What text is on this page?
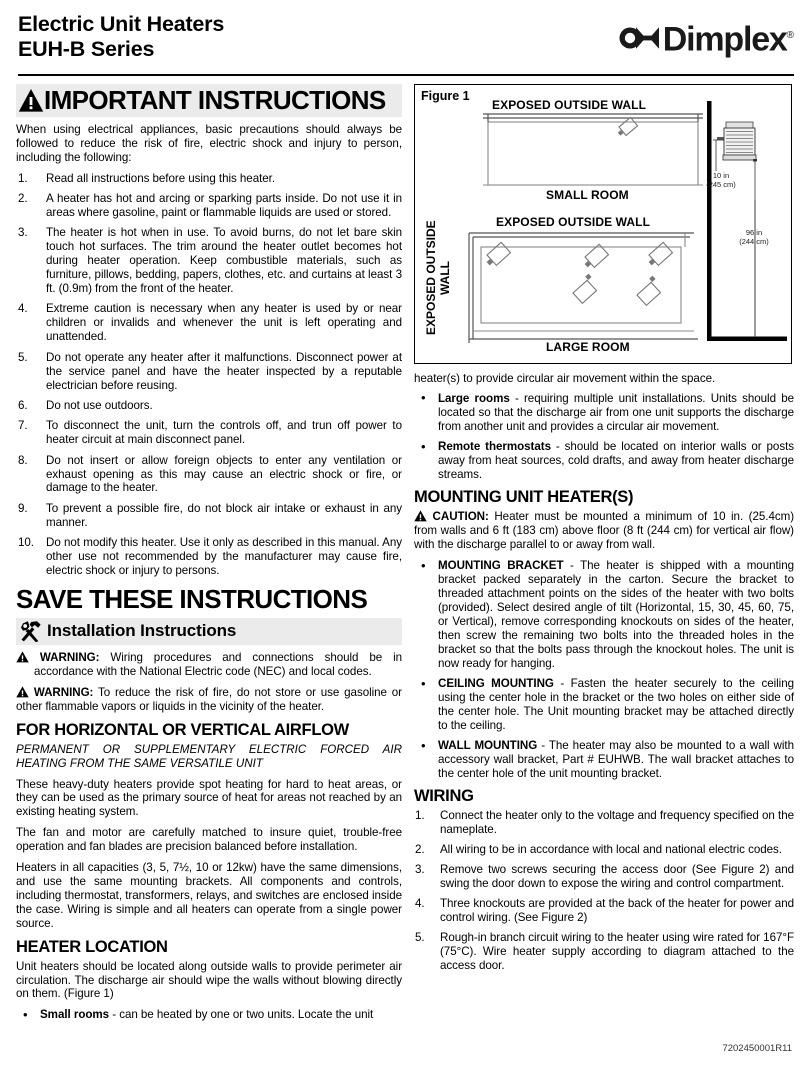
Electric Unit Heaters
EUH-B Series	Dimplex®
IMPORTANT INSTRUCTIONS

When using electrical appliances, basic precautions should always be followed to reduce the risk of fire, electric shock and injury to person, including the following:

1.	Read all instructions before using this heater.
2.	A heater has hot and arcing or sparking parts inside. Do not use it in areas where gasoline, paint or flammable liquids are used or stored.
3.	The heater is hot when in use. To avoid burns, do not let bare skin touch hot surfaces. The trim around the heater outlet becomes hot during heater operation. Keep combustible materials, such as furniture, pillows, bedding, papers, clothes, etc. and curtains at least 3 ft. (0.9m) from the front of the heater.
4.	Extreme caution is necessary when any heater is used by or near children or invalids and whenever the unit is left operating and unattended.
5.	Do not operate any heater after it malfunctions. Disconnect power at the service panel and have the heater inspected by a reputable electrician before reusing.
6.	Do not use outdoors.
7.	To disconnect the unit, turn the controls off, and trun off power to heater circuit at main disconnect panel.
8.	Do not insert or allow foreign objects to enter any ventilation or exhaust opening as this may cause an electric shock or fire, or damage to the heater.
9.	To prevent a possible fire, do not block air intake or exhaust in any manner.
10.	Do not modify this heater. Use it only as described in this manual. Any other use not recommended by the manufacturer may cause fire, electric shock or injury to persons.
SAVE THESE INSTRUCTIONS
Installation Instructions

WARNING: Wiring procedures and connections should be in accordance with the National Electric code (NEC) and local codes.

WARNING: To reduce the risk of fire, do not store or use gasoline or other flammable vapors or liquids in the vicinity of the heater.

FOR HORIZONTAL OR VERTICAL AIRFLOW

PERMANENT OR SUPPLEMENTARY ELECTRIC FORCED AIR HEATING FROM THE SAME VERSATILE UNIT

These heavy-duty heaters provide spot heating for hard to heat areas, or they can be used as the primary source of heat for areas not reached by an existing heating system.

The fan and motor are carefully matched to insure quiet, trouble-free operation and fan blades are precision balanced before installation.

Heaters in all capacities (3, 5, 7½, 10 or 12kw) have the same dimensions, and use the same mounting brackets. All components and controls, including thermostat, transformers, relays, and switches are enclosed inside the case. Wiring is simple and all heaters can operate from a single power source.

HEATER LOCATION

Unit heaters should be located along outside walls to provide perimeter air circulation. The discharge air should wipe the walls without blowing directly on them. (Figure 1)

• Small rooms - can be heated by one or two units. Locate the unit
Figure 1
EXPOSED OUTSIDE WALL
SMALL ROOM
EXPOSED OUTSIDE WALL
LARGE ROOM
EXPOSED OUTSIDE WALL
10 in
(245 cm)
96 in
(244 cm)

heater(s) to provide circular air movement within the space.

• Large rooms - requiring multiple unit installations. Units should be located so that the discharge air from one unit supports the discharge from another unit and provides a circular air movement.
• Remote thermostats - should be located on interior walls or posts away from heat sources, cold drafts, and away from heater discharge streams.
MOUNTING UNIT HEATER(S)

CAUTION: Heater must be mounted a minimum of 10 in. (25.4cm) from walls and 6 ft (183 cm) above floor (8 ft (244 cm) for vertical air flow) with the discharge parallel to or away from wall.

• MOUNTING BRACKET - The heater is shipped with a mounting bracket packed separately in the carton. Secure the bracket to threaded attachment points on the sides of the heater with two bolts (provided). Select desired angle of tilt (Horizontal, 15, 30, 45, 60, 75, or Vertical), remove corresponding knockouts on sides of the heater, then screw the remaining two bolts into the threaded holes in the bracket so that the bolts pass through the knockout holes. The unit is now ready for hanging.
• CEILING MOUNTING - Fasten the heater securely to the ceiling using the center hole in the bracket or the two holes on either side of the center hole. The Unit mounting bracket may be attached directly to the ceiling.
• WALL MOUNTING - The heater may also be mounted to a wall with accessory wall bracket, Part # EUHWB. The wall bracket attaches to the center hole of the unit mounting bracket.
WIRING
1.	Connect the heater only to the voltage and frequency specified on the nameplate.
2.	All wiring to be in accordance with local and national electric codes.
3.	Remove two screws securing the access door (See Figure 2) and swing the door down to expose the wiring and control compartment.
4.	Three knockouts are provided at the back of the heater for power and control wiring. (See Figure 2)
5.	Rough-in branch circuit wiring to the heater using wire rated for 167°F (75°C). Wire heater supply according to diagram attached to the access door.
7202450001R11
